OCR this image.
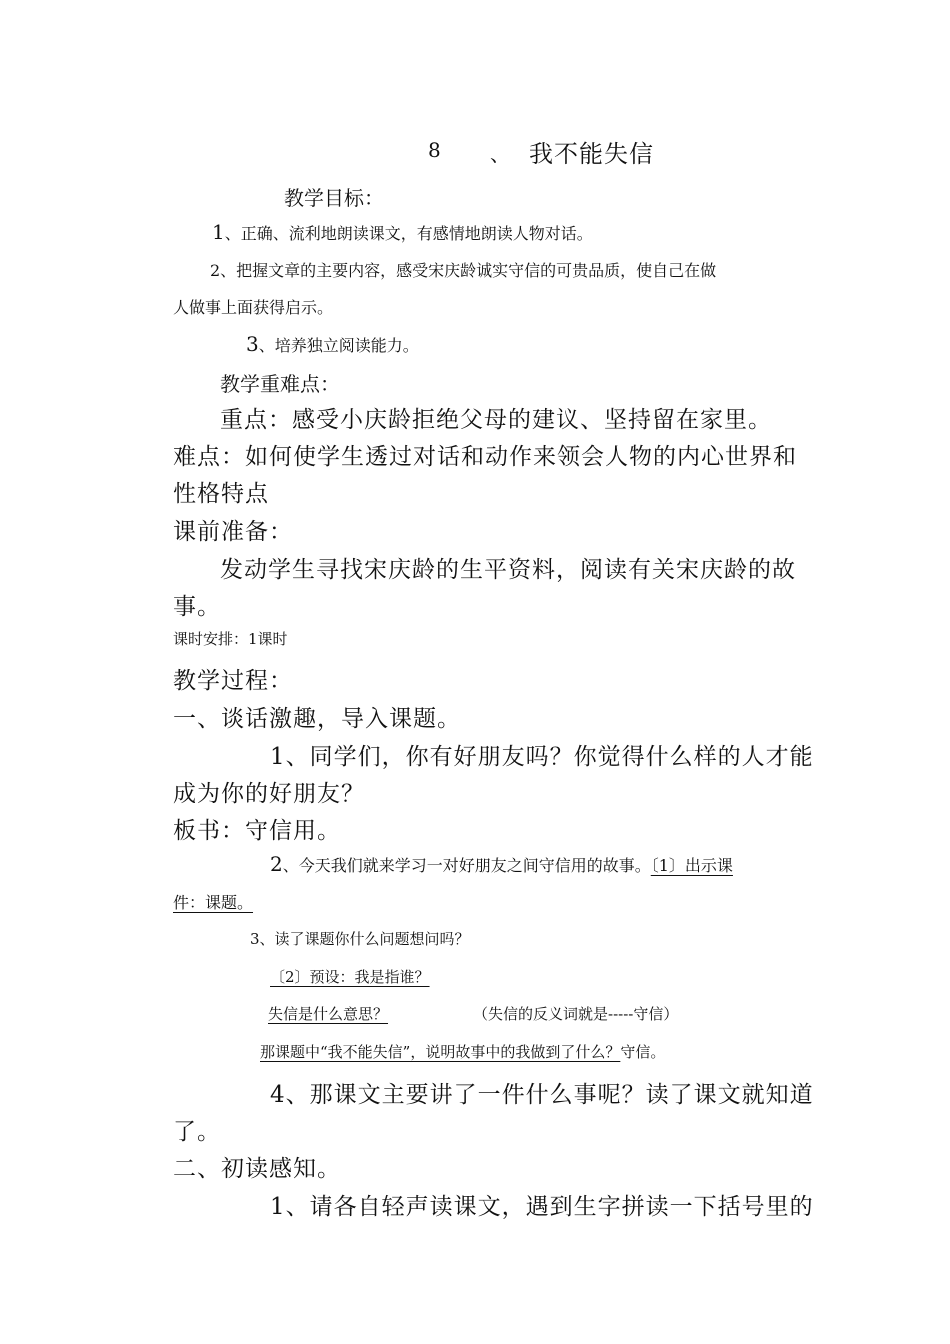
8 、 我不能失信
教学目标：
1、正确、流利地朗读课文，有感情地朗读人物对话。
2、把握文章的主要内容，感受宋庆龄诚实守信的可贵品质，使自己在做
人做事上面获得启示。
3、培养独立阅读能力。
教学重难点：
重点：感受小庆龄拒绝父母的建议、坚持留在家里。
难点：如何使学生透过对话和动作来领会人物的内心世界和
性格特点
课前准备：
发动学生寻找宋庆龄的生平资料，阅读有关宋庆龄的故
事。
课时安排：1课时
教学过程：
一、谈话激趣，导入课题。
1、同学们，你有好朋友吗？你觉得什么样的人才能
成为你的好朋友？
板书：守信用。
2、今天我们就来学习一对好朋友之间守信用的故事。〔1〕出示课
件：课题。
3、读了课题你什么问题想问吗？
〔2〕预设：我是指谁？
失信是什么意思？	（失信的反义词就是-----守信）
那课题中“我不能失信”，说明故事中的我做到了什么？守信。
4、那课文主要讲了一件什么事呢？读了课文就知道
了。
二、初读感知。
1、请各自轻声读课文，遇到生字拼读一下括号里的
